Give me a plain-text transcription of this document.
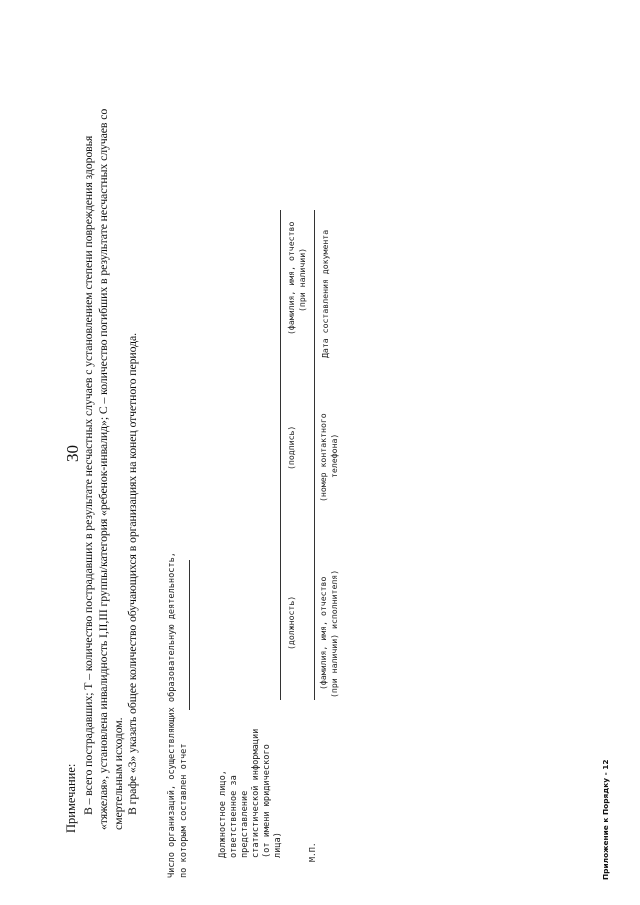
30
Примечание: В – всего пострадавших; Т – количество пострадавших в результате несчастных случаев с установлением степени повреждения здоровья «тяжелая», установлена инвалидность I,II,III группы/категория «ребенок-инвалид»; С – количество погибших в результате несчастных случаев со смертельным исходом. В графе «3» указать общее количество обучающихся в организациях на конец отчетного периода.	Число организаций, осуществляющих образовательную деятельность, по которым составлен отчет	Должностное лицо, ответственное за представление статистической информации (от имени юридического лица)
(должность)
(подпись)
(фамилия, имя, отчество (при наличии)
М.П.
(фамилия, имя, отчество (при наличии) исполнителя)
(номер контактного телефона)
Дата составления документа
Приложение к Порядку - 12
